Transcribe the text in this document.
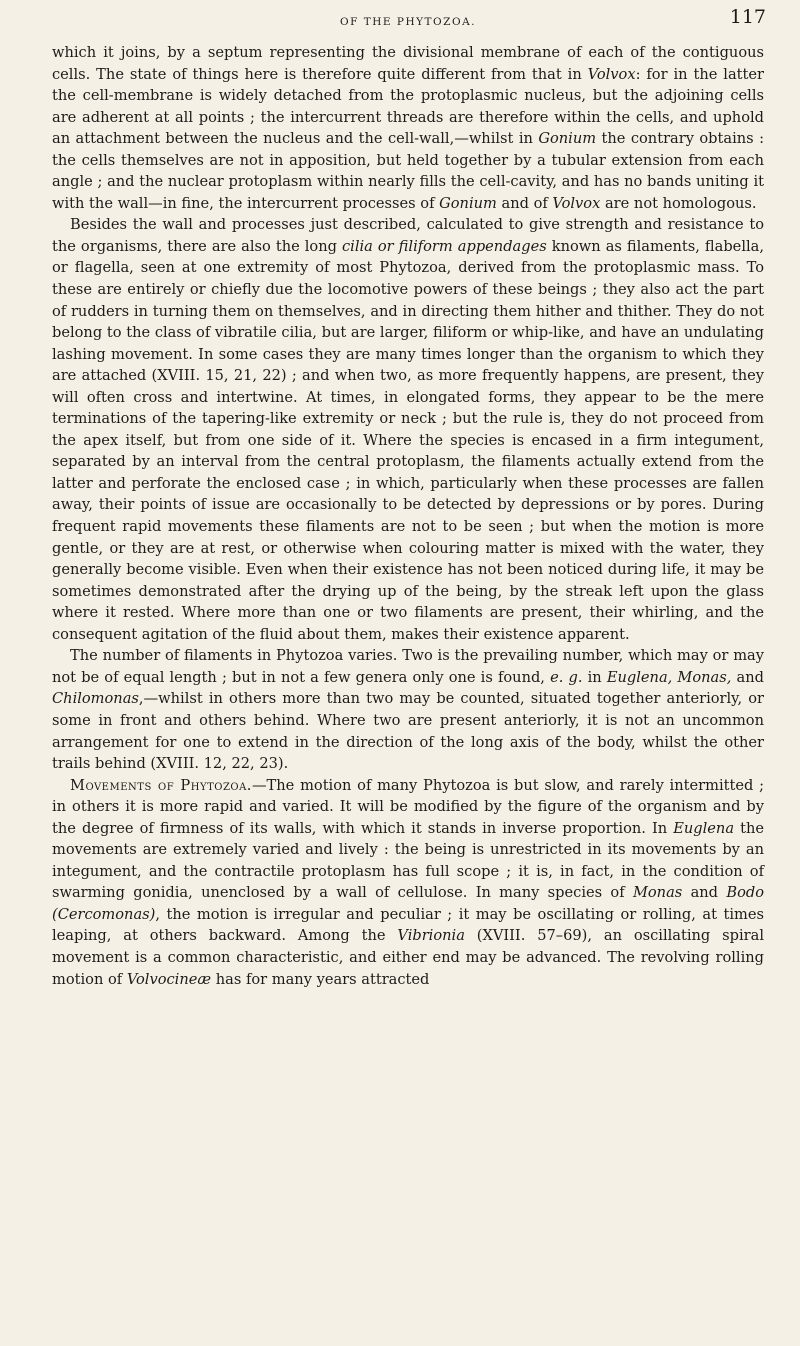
OF THE PHYTOZOA.	117

which it joins, by a septum representing the divisional membrane of each of the contiguous cells. The state of things here is therefore quite different from that in Volvox: for in the latter the cell-membrane is widely detached from the protoplasmic nucleus, but the adjoining cells are adherent at all points ; the intercurrent threads are therefore within the cells, and uphold an attachment between the nucleus and the cell-wall,—whilst in Gonium the contrary obtains : the cells themselves are not in apposition, but held together by a tubular extension from each angle ; and the nuclear protoplasm within nearly fills the cell-cavity, and has no bands uniting it with the wall—in fine, the intercurrent processes of Gonium and of Volvox are not homologous.

Besides the wall and processes just described, calculated to give strength and resistance to the organisms, there are also the long cilia or filiform appendages known as filaments, flabella, or flagella, seen at one extremity of most Phytozoa, derived from the protoplasmic mass. To these are entirely or chiefly due the locomotive powers of these beings ; they also act the part of rudders in turning them on themselves, and in directing them hither and thither. They do not belong to the class of vibratile cilia, but are larger, filiform or whip-like, and have an undulating lashing movement. In some cases they are many times longer than the organism to which they are attached (XVIII. 15, 21, 22) ; and when two, as more frequently happens, are present, they will often cross and intertwine. At times, in elongated forms, they appear to be the mere terminations of the tapering-like extremity or neck ; but the rule is, they do not proceed from the apex itself, but from one side of it. Where the species is encased in a firm integument, separated by an interval from the central protoplasm, the filaments actually extend from the latter and perforate the enclosed case ; in which, particularly when these processes are fallen away, their points of issue are occasionally to be detected by depressions or by pores. During frequent rapid movements these filaments are not to be seen ; but when the motion is more gentle, or they are at rest, or otherwise when colouring matter is mixed with the water, they generally become visible. Even when their existence has not been noticed during life, it may be sometimes demonstrated after the drying up of the being, by the streak left upon the glass where it rested. Where more than one or two filaments are present, their whirling, and the consequent agitation of the fluid about them, makes their existence apparent.

The number of filaments in Phytozoa varies. Two is the prevailing number, which may or may not be of equal length ; but in not a few genera only one is found, e. g. in Euglena, Monas, and Chilomonas,—whilst in others more than two may be counted, situated together anteriorly, or some in front and others behind. Where two are present anteriorly, it is not an uncommon arrangement for one to extend in the direction of the long axis of the body, whilst the other trails behind (XVIII. 12, 22, 23).

Movements of Phytozoa.—The motion of many Phytozoa is but slow, and rarely intermitted ; in others it is more rapid and varied. It will be modified by the figure of the organism and by the degree of firmness of its walls, with which it stands in inverse proportion. In Euglena the movements are extremely varied and lively : the being is unrestricted in its movements by an integument, and the contractile protoplasm has full scope ; it is, in fact, in the condition of swarming gonidia, unenclosed by a wall of cellulose. In many species of Monas and Bodo (Cercomonas), the motion is irregular and peculiar ; it may be oscillating or rolling, at times leaping, at others backward. Among the Vibrionia (XVIII. 57–69), an oscillating spiral movement is a common characteristic, and either end may be advanced. The revolving rolling motion of Volvocineæ has for many years attracted
